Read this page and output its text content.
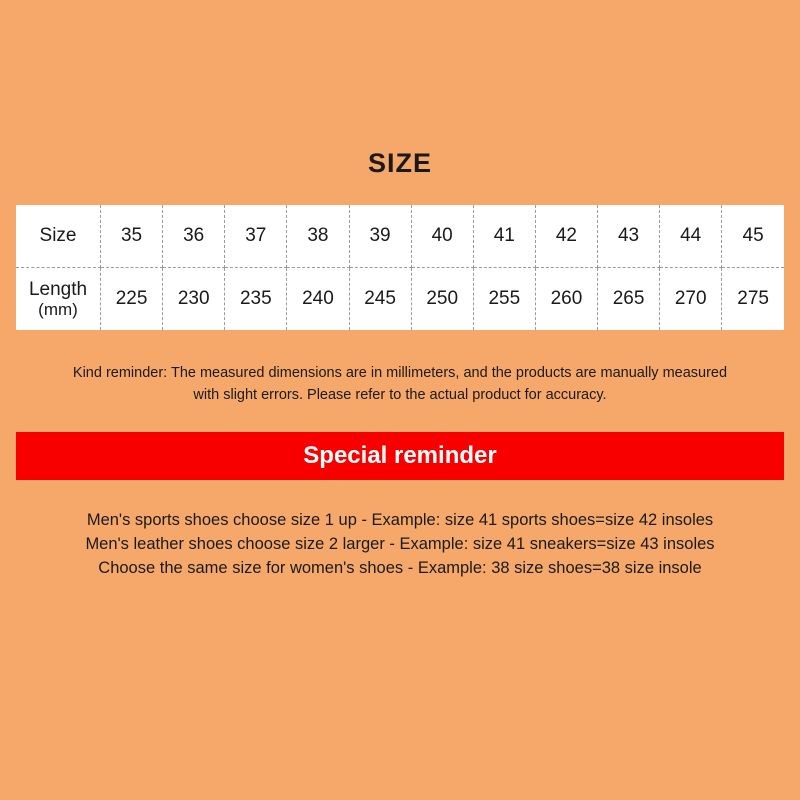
SIZE
Size	35	36	37	38	39	40	41	42	43	44	45
Length
(mm)	225	230	235	240	245	250	255	260	265	270	275
Kind reminder: The measured dimensions are in millimeters, and the products are manually measured
with slight errors. Please refer to the actual product for accuracy.
Special reminder
Men's sports shoes choose size 1 up - Example: size 41 sports shoes=size 42 insoles
Men's leather shoes choose size 2 larger - Example: size 41 sneakers=size 43 insoles
Choose the same size for women's shoes - Example: 38 size shoes=38 size insole
